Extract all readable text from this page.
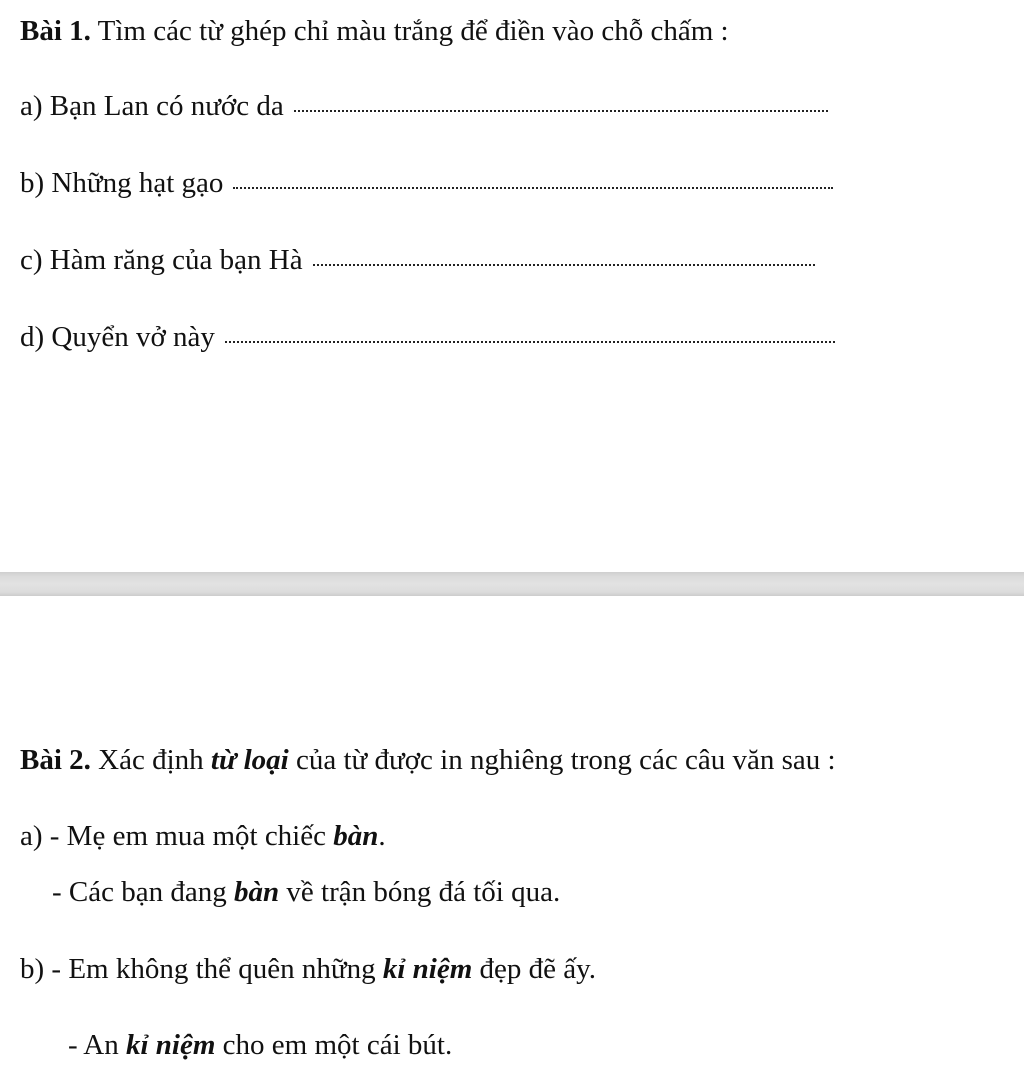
Bài 1. Tìm các từ ghép chỉ màu trắng để điền vào chỗ chấm :
a) Bạn Lan có nước da
b) Những hạt gạo
c) Hàm răng của bạn Hà
d) Quyển vở này
Bài 2. Xác định từ loại của từ được in nghiêng trong các câu văn sau :
a) - Mẹ em mua một chiếc bàn.
- Các bạn đang bàn về trận bóng đá tối qua.
b) - Em không thể quên những kỉ niệm đẹp đẽ ấy.
- An kỉ niệm cho em một cái bút.
